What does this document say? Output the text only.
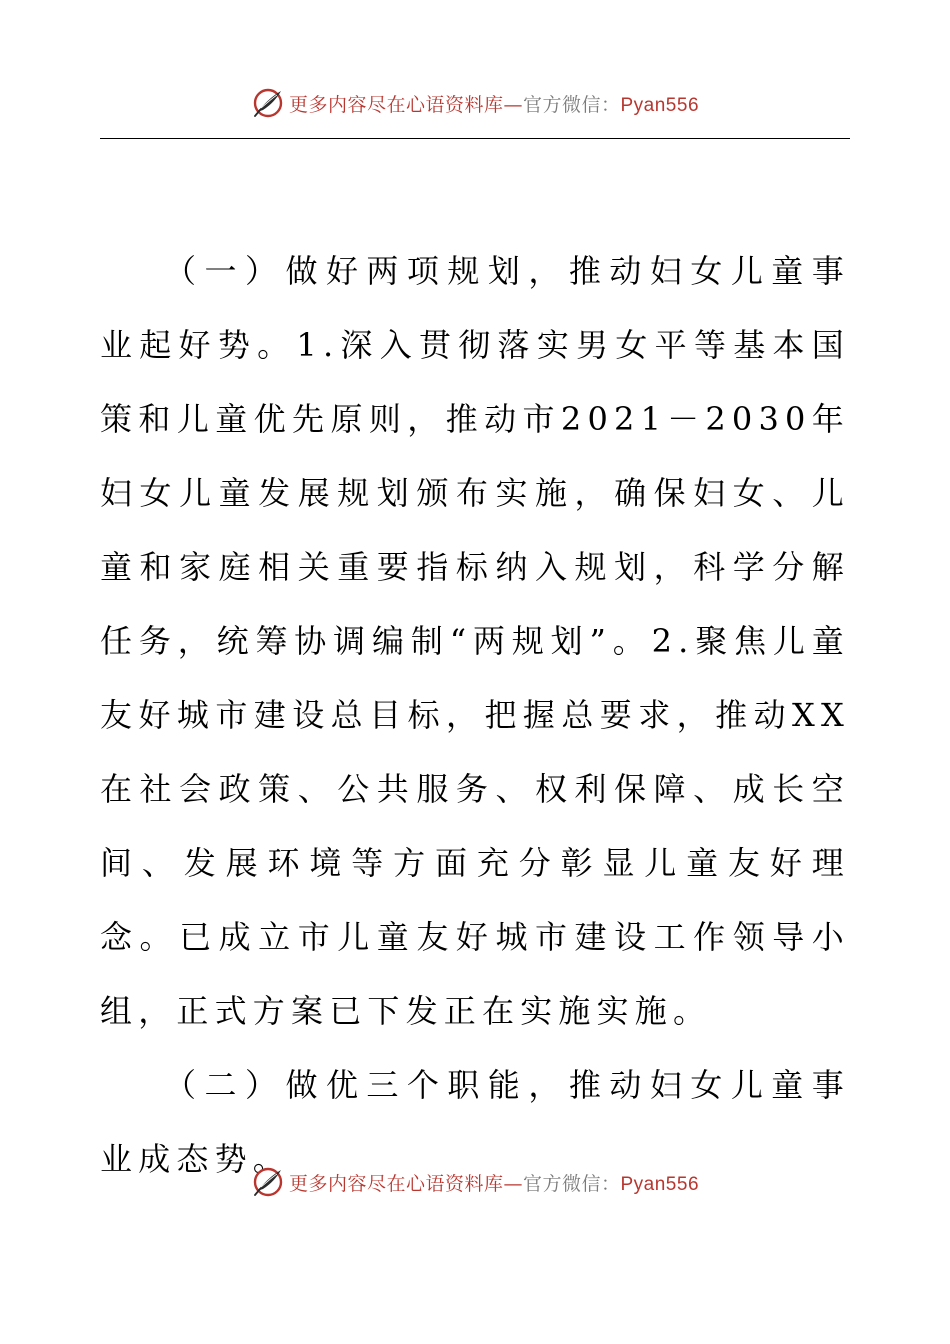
更多内容尽在心语资料库—官方微信：Pyan556

（一）做好两项规划，推动妇女儿童事业起好势。1.深入贯彻落实男女平等基本国策和儿童优先原则，推动市2021－2030年妇女儿童发展规划颁布实施，确保妇女、儿童和家庭相关重要指标纳入规划，科学分解任务，统筹协调编制“两规划”。2.聚焦儿童友好城市建设总目标，把握总要求，推动XX在社会政策、公共服务、权利保障、成长空间、发展环境等方面充分彰显儿童友好理念。已成立市儿童友好城市建设工作领导小组，正式方案已下发正在实施实施。

（二）做优三个职能，推动妇女儿童事业成态势。

更多内容尽在心语资料库—官方微信：Pyan556
